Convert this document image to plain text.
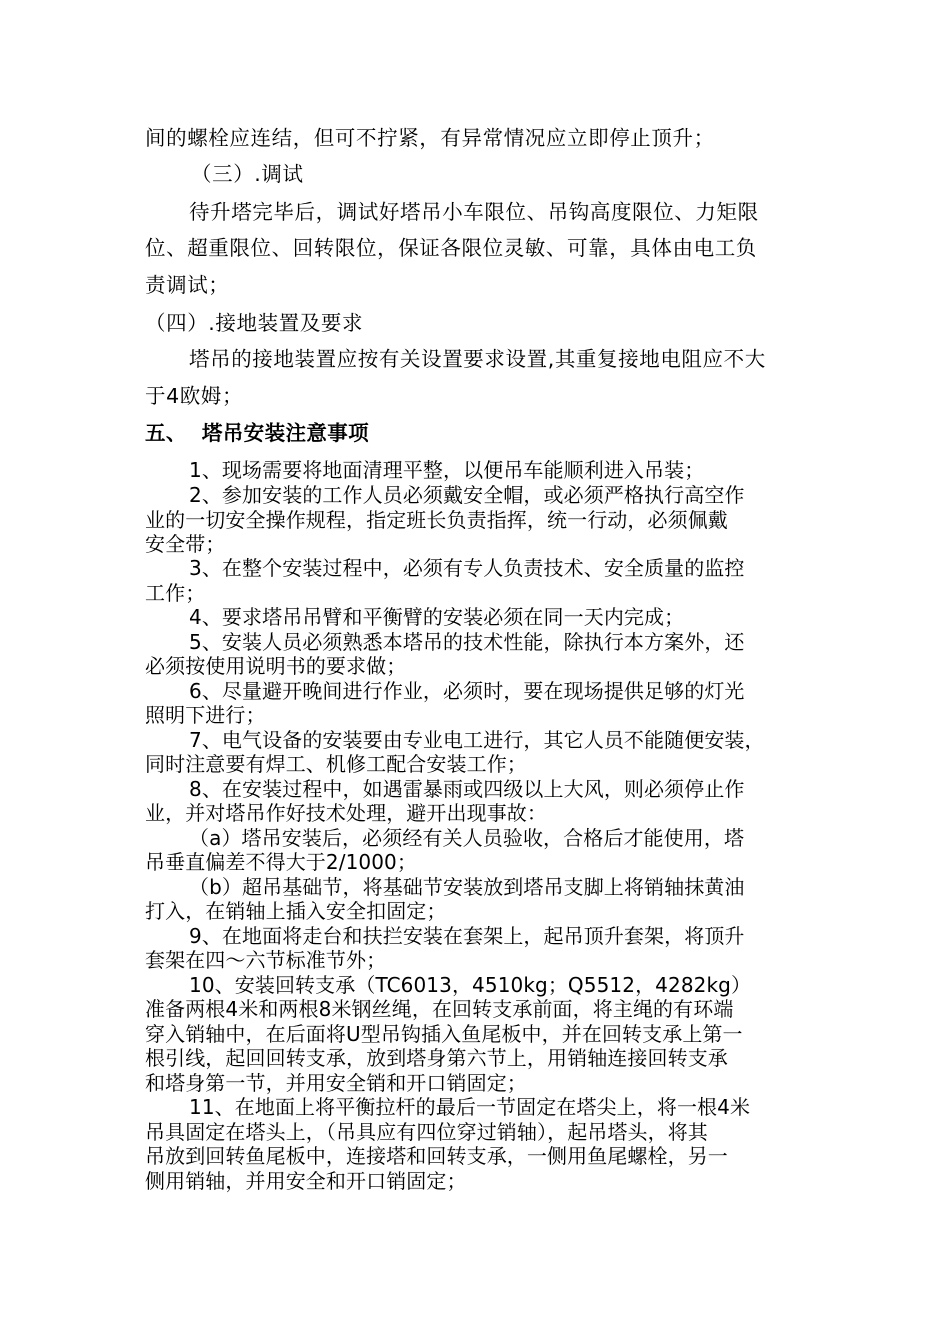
间的螺栓应连结，但可不拧紧，有异常情况应立即停止顶升；

（三）.调试

待升塔完毕后，调试好塔吊小车限位、吊钩高度限位、力矩限

位、超重限位、回转限位，保证各限位灵敏、可靠，具体由电工负

责调试；

（四）.接地装置及要求

塔吊的接地装置应按有关设置要求设置,其重复接地电阻应不大

于4欧姆；

五、  塔吊安装注意事项

1、现场需要将地面清理平整，以便吊车能顺利进入吊装；

2、参加安装的工作人员必须戴安全帽，或必须严格执行高空作

业的一切安全操作规程，指定班长负责指挥，统一行动，必须佩戴

安全带；

3、在整个安装过程中，必须有专人负责技术、安全质量的监控

工作；

4、要求塔吊吊臂和平衡臂的安装必须在同一天内完成；

5、安装人员必须熟悉本塔吊的技术性能，除执行本方案外，还

必须按使用说明书的要求做；

6、尽量避开晚间进行作业，必须时，要在现场提供足够的灯光

照明下进行；

7、电气设备的安装要由专业电工进行，其它人员不能随便安装，

同时注意要有焊工、机修工配合安装工作；

8、在安装过程中，如遇雷暴雨或四级以上大风，则必须停止作

业，并对塔吊作好技术处理，避开出现事故：

（a）塔吊安装后，必须经有关人员验收，合格后才能使用，塔

吊垂直偏差不得大于2/1000；

（b）超吊基础节，将基础节安装放到塔吊支脚上将销轴抹黄油

打入，在销轴上插入安全扣固定；

9、在地面将走台和扶拦安装在套架上，起吊顶升套架，将顶升

套架在四～六节标准节外；

10、安装回转支承（TC6013，4510kg；Q5512，4282kg）

准备两根4米和两根8米钢丝绳，在回转支承前面，将主绳的有环端

穿入销轴中，在后面将U型吊钩插入鱼尾板中，并在回转支承上第一

根引线，起回回转支承，放到塔身第六节上，用销轴连接回转支承

和塔身第一节，并用安全销和开口销固定；

11、在地面上将平衡拉杆的最后一节固定在塔尖上，将一根4米

吊具固定在塔头上，（吊具应有四位穿过销轴），起吊塔头，将其

吊放到回转鱼尾板中，连接塔和回转支承，一侧用鱼尾螺栓，另一

侧用销轴，并用安全和开口销固定；
